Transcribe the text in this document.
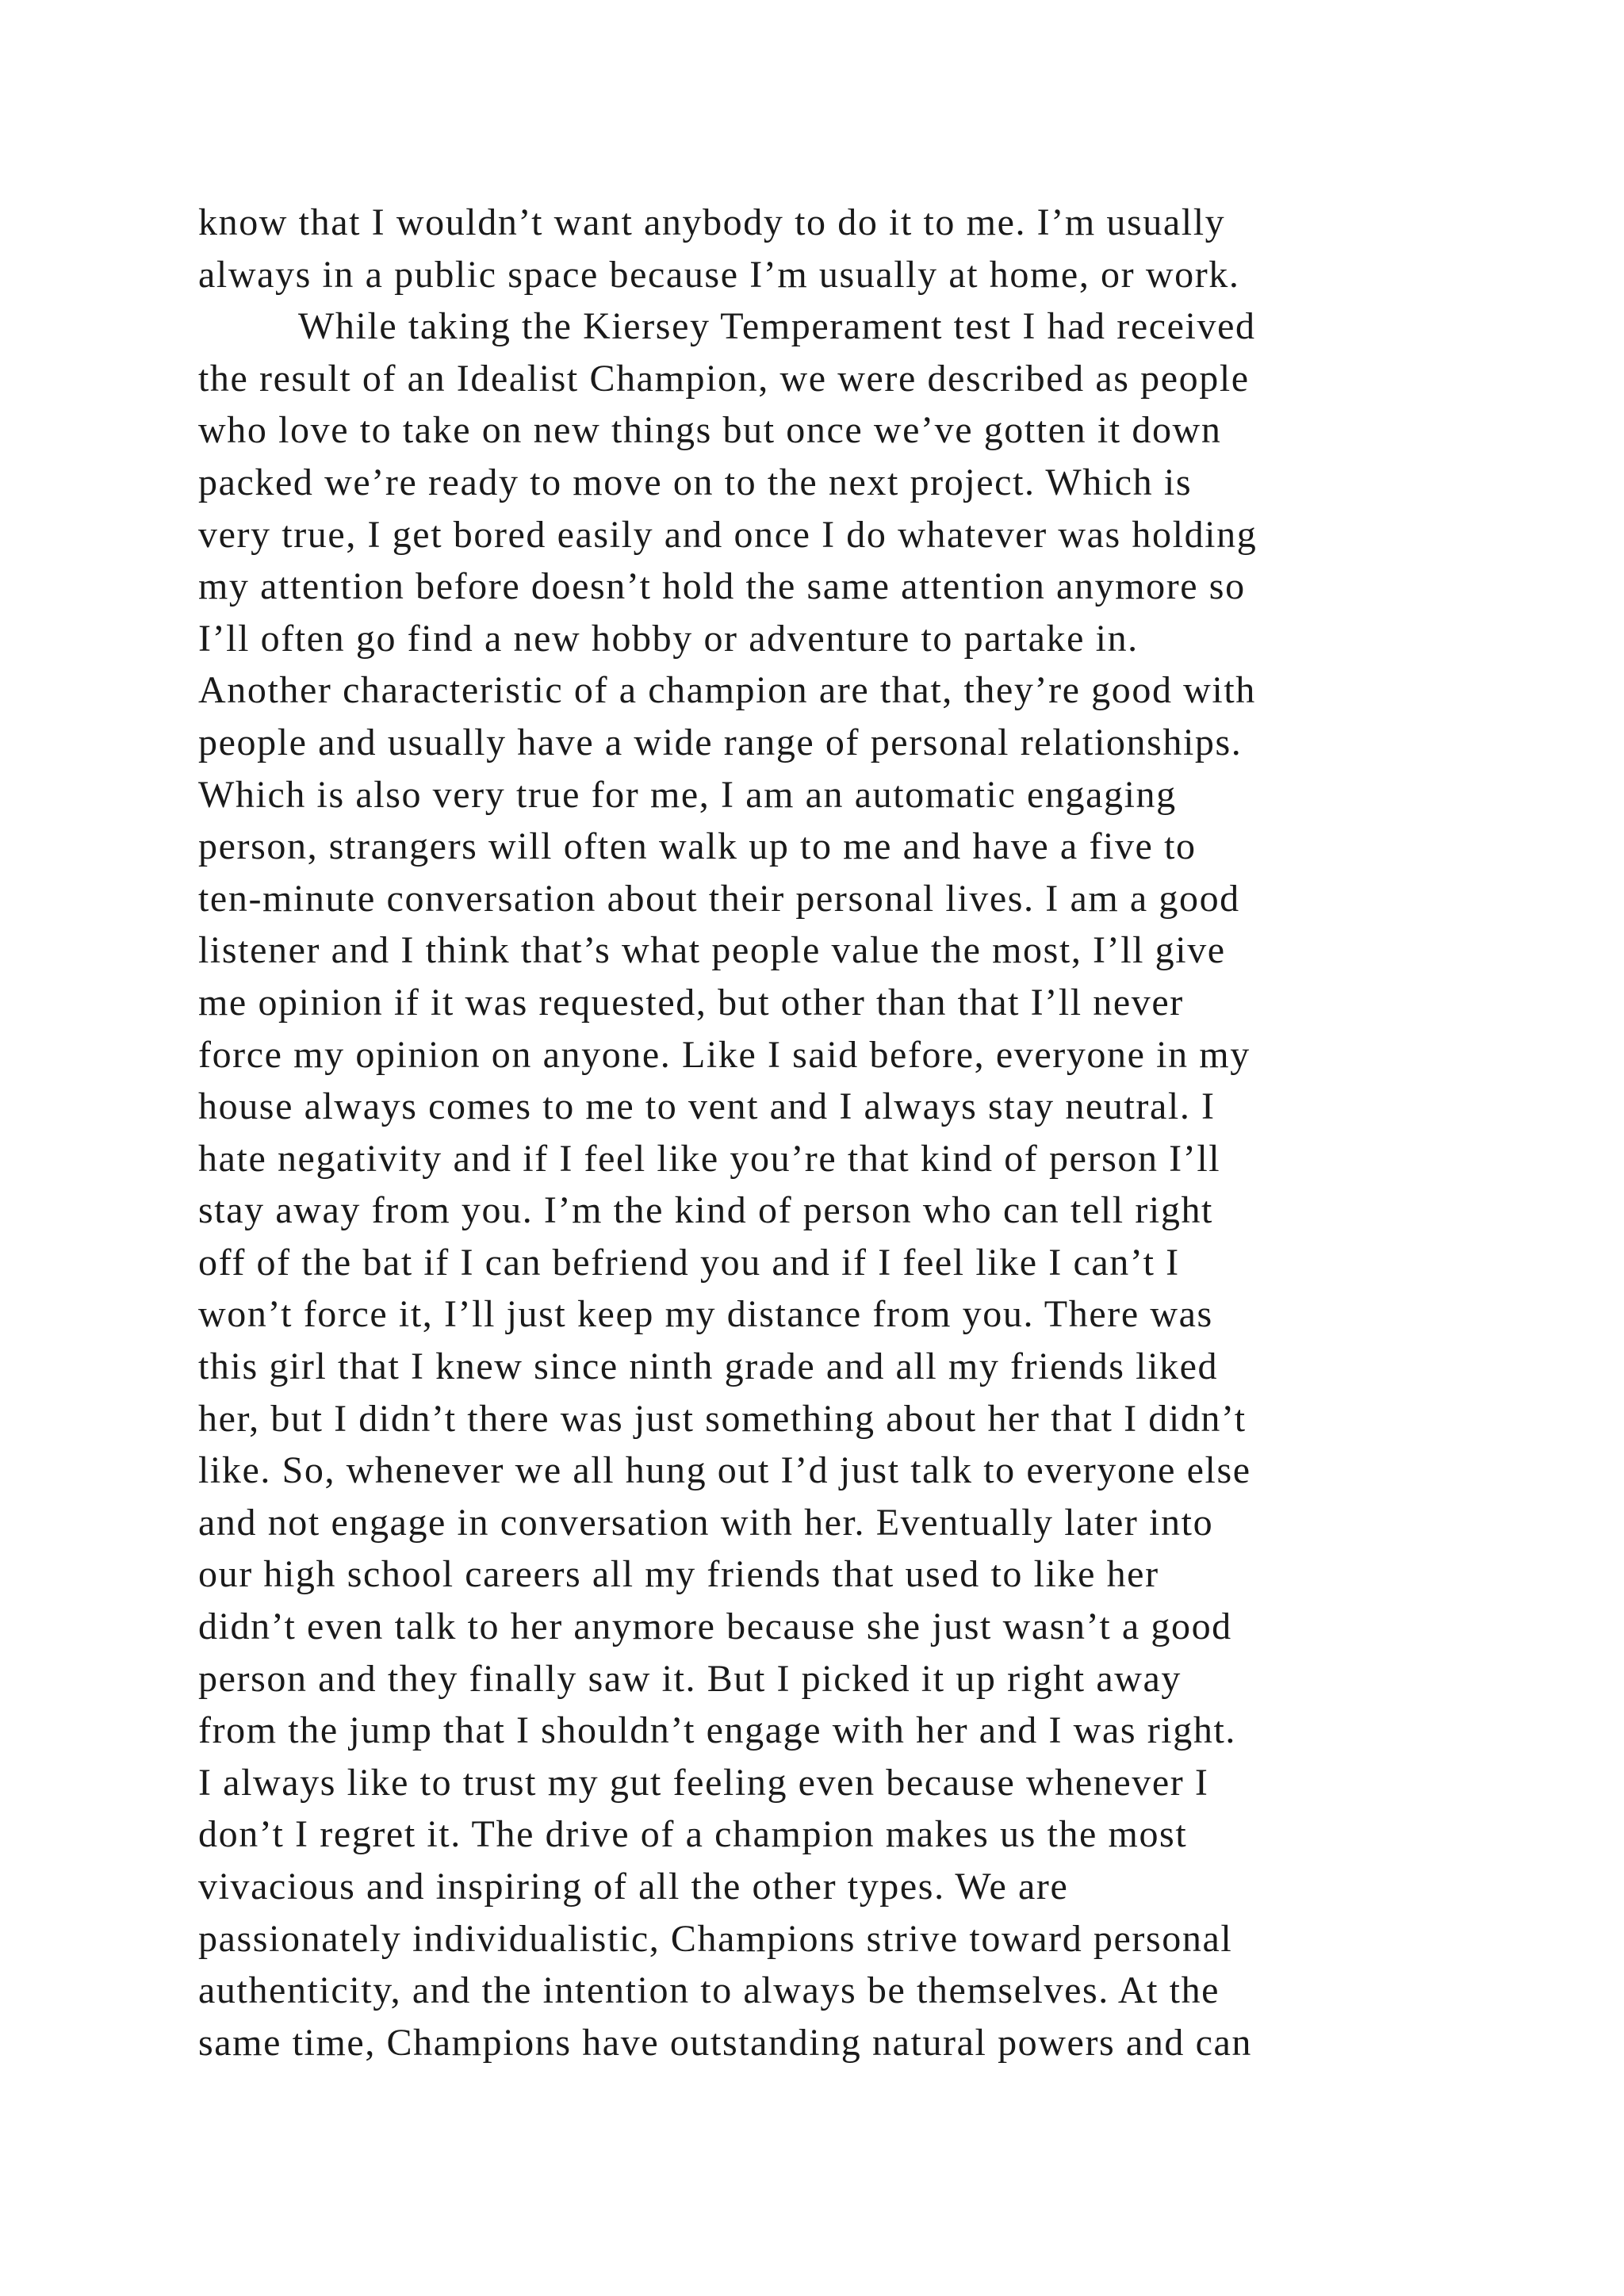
know that I wouldn’t want anybody to do it to me. I’m usually
always in a public space because I’m usually at home, or work.
While taking the Kiersey Temperament test I had received
the result of an Idealist Champion, we were described as people
who love to take on new things but once we’ve gotten it down
packed we’re ready to move on to the next project. Which is
very true, I get bored easily and once I do whatever was holding
my attention before doesn’t hold the same attention anymore so
I’ll often go find a new hobby or adventure to partake in.
Another characteristic of a champion are that, they’re good with
people and usually have a wide range of personal relationships.
Which is also very true for me, I am an automatic engaging
person, strangers will often walk up to me and have a five to
ten-minute conversation about their personal lives. I am a good
listener and I think that’s what people value the most, I’ll give
me opinion if it was requested, but other than that I’ll never
force my opinion on anyone. Like I said before, everyone in my
house always comes to me to vent and I always stay neutral. I
hate negativity and if I feel like you’re that kind of person I’ll
stay away from you. I’m the kind of person who can tell right
off of the bat if I can befriend you and if I feel like I can’t I
won’t force it, I’ll just keep my distance from you. There was
this girl that I knew since ninth grade and all my friends liked
her, but I didn’t there was just something about her that I didn’t
like. So, whenever we all hung out I’d just talk to everyone else
and not engage in conversation with her. Eventually later into
our high school careers all my friends that used to like her
didn’t even talk to her anymore because she just wasn’t a good
person and they finally saw it. But I picked it up right away
from the jump that I shouldn’t engage with her and I was right.
I always like to trust my gut feeling even because whenever I
don’t I regret it. The drive of a champion makes us the most
vivacious and inspiring of all the other types. We are
passionately individualistic, Champions strive toward personal
authenticity, and the intention to always be themselves. At the
same time, Champions have outstanding natural powers and can
